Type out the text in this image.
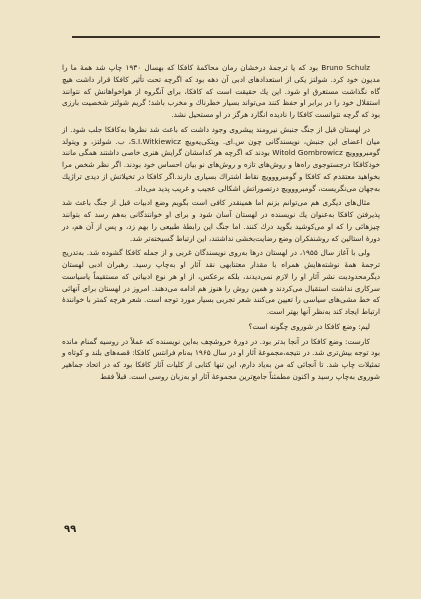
Bruno Schulz بود که یا ترجمهٔ درخشان رمان محاکمهٔ کافکا که بهسال ۱۹۳۰ چاپ شد همهٔ ما را مدیون خود کرد. شولتز یکی از استعدادهای ادبی آن دهه بود که اگرچه تحت تأثیر کافکا قرار داشت هیچ گاه نگذاشت مستغرق او شود. این یك حقیقت است که کافکا، برای آنگروه از هواخواهانش که نتوانند استقلال خود را در برابر او حفظ کنند می‌تواند بسیار خطرناك و مخرب باشد؛ گریم شولتز شخصیت بارزی بود که گرچه نتوانست کافکا را نادیده انگارد هرگز در او مستحیل نشد.

در لهستان قبل از جنگ جنبش نیرومند پیشروی وجود داشت که باعث شد نظرها به‌کافکا جلب شود. از میان اعضای این جنبش، نویسندگانی چون س.ای. ویتکی‌یه‌ویچ S.I.Witkiewicz، ب. شولتز، و ویتولد گومبرووویچ Witold Gombrowicz بودند که اگرچه هر کدامشان گرایش هنری خاصی داشتند همگی مانند خودکافکا درجستوجوی راه‌ها و روش‌های تازه و روش‌های نو بیان احساس خود بودند. اگر نظر شخص مرا بخواهید معتقدم که کافکا و گومبرووویچ نقاط اشتراك بسیاری دارند.اگر کافکا در تخیلاتش از دیدی تراژیك به‌جهان می‌نگریست، گومبرووویچ درتصوراتش اشکالی عجیب و غریب پدید می‌داد.

مثال‌های دیگری هم می‌توانم بزنم اما همینقدر کافی است بگویم وضع ادبیات قبل از جنگ باعث شد پذیرفتن کافکا به‌عنوان یك نویسنده در لهستان آسان شود و برای او خوانندگانی به‌هم رسد که بتوانند چیزهائی را که او می‌کوشید بگوید درك کنند. اما جنگ این رابطهٔ طبیعی را بهم زد، و پس از آن هم، در دورهٔ استالین که روشنفکران وضع رضایت‌بخشی نداشتند، این ارتباط گسیخته‌تر شد.

ولی با آغاز سال ۱۹۵۵، در لهستان درها به‌روی نویسندگان غربی و از جمله کافکا گشوده شد. به‌تدریج ترجمهٔ همهٔ نوشته‌هایش همراه با مقدار معتنابهی نقد آثار او به‌چاپ رسید. رهبران ادبی لهستان دیگرمحدودیت نشر آثار او را لازم نمی‌دیدند، بلکه برعکس، از او هر نوع ادبیاتی که مستقیماً یاسیاست سرکاری نداشت استقبال می‌کردند و همین روش را هنوز هم ادامه می‌دهند. امروز در لهستان برای آنهائی که خط مشی‌های سیاسی را تعیین می‌کنند شعر تجربی بسیار مورد توجه است. شعر هرچه کمتر با خوانندهٔ ارتباط ایجاد کند به‌نظر آنها بهتر است.

لیم: وضع کافکا در شوروی چگونه است؟

کارست: وضع کافکا در آنجا بدتر بود. در دورهٔ خروشچف به‌این نویسنده که عملاً در روسیه گمنام مانده بود توجه بیش‌تری شد. در نتیجه،مجموعهٔ آثار او در سال ۱۹۶۵ به‌نام فرانتس کافکا: قصه‌های بلند و کوتاه و تمثیلات چاپ شد. تا آنجائی که من به‌یاد دارم، این تنها کتابی از کلیات آثار کافکا بود که در اتحاد جماهیر شوروی به‌چاپ رسید و اکنون مطمئناً جامع‌ترین مجموعهٔ آثار او به‌زبان روسی است. قبلاً فقط

۹۹
